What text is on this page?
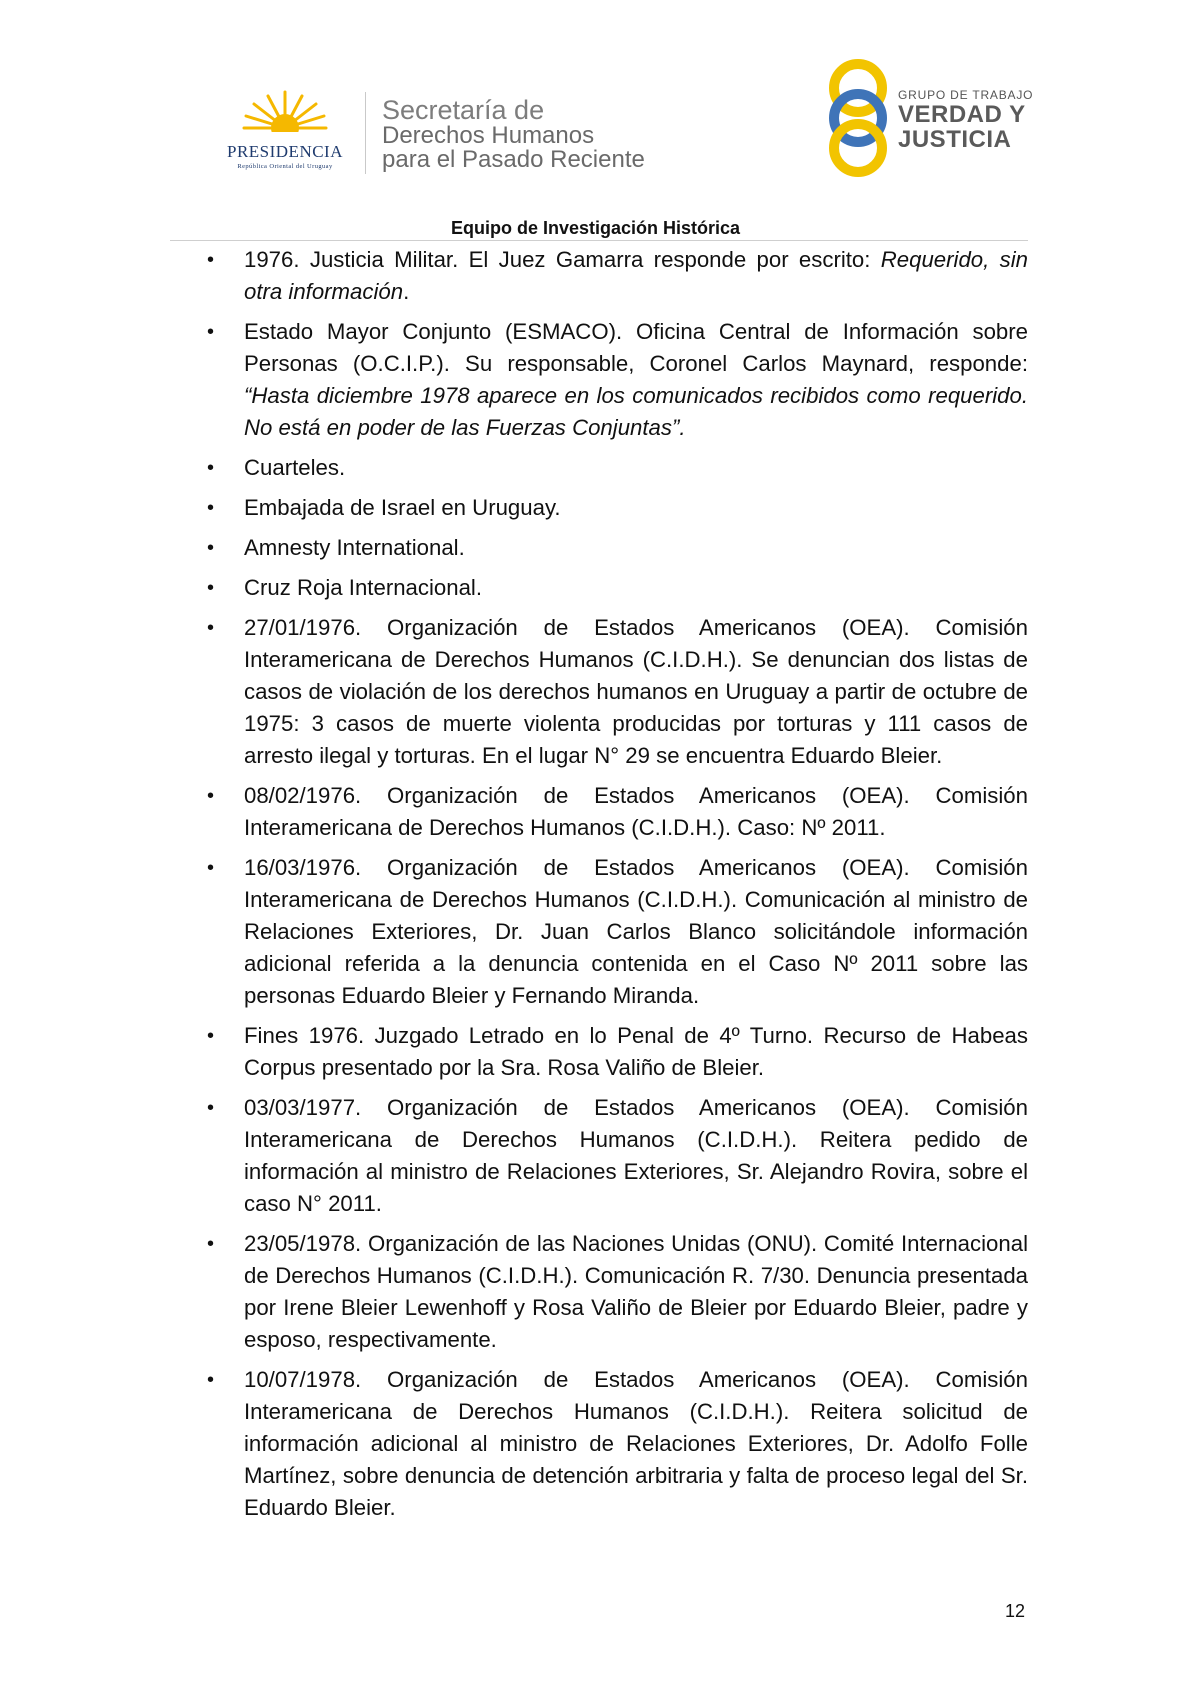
PRESIDENCIA
República Oriental del Uruguay
Secretaría de
Derechos Humanos
para el Pasado Reciente
GRUPO DE TRABAJO
VERDAD Y
JUSTICIA
Equipo de Investigación Histórica
• 1976. Justicia Militar. El Juez Gamarra responde por escrito: Requerido, sin otra información.
• Estado Mayor Conjunto (ESMACO). Oficina Central de Información sobre Personas (O.C.I.P.). Su responsable, Coronel Carlos Maynard, responde: “Hasta diciembre 1978 aparece en los comunicados recibidos como requerido. No está en poder de las Fuerzas Conjuntas”.
• Cuarteles.
• Embajada de Israel en Uruguay.
• Amnesty International.
• Cruz Roja Internacional.
• 27/01/1976. Organización de Estados Americanos (OEA). Comisión Interamericana de Derechos Humanos (C.I.D.H.). Se denuncian dos listas de casos de violación de los derechos humanos en Uruguay a partir de octubre de 1975: 3 casos de muerte violenta producidas por torturas y 111 casos de arresto ilegal y torturas. En el lugar N° 29 se encuentra Eduardo Bleier.
• 08/02/1976. Organización de Estados Americanos (OEA). Comisión Interamericana de Derechos Humanos (C.I.D.H.). Caso: Nº 2011.
• 16/03/1976. Organización de Estados Americanos (OEA). Comisión Interamericana de Derechos Humanos (C.I.D.H.). Comunicación al ministro de Relaciones Exteriores, Dr. Juan Carlos Blanco solicitándole información adicional referida a la denuncia contenida en el Caso Nº 2011 sobre las personas Eduardo Bleier y Fernando Miranda.
• Fines 1976. Juzgado Letrado en lo Penal de 4º Turno. Recurso de Habeas Corpus presentado por la Sra. Rosa Valiño de Bleier.
• 03/03/1977. Organización de Estados Americanos (OEA). Comisión Interamericana de Derechos Humanos (C.I.D.H.). Reitera pedido de información al ministro de Relaciones Exteriores, Sr. Alejandro Rovira, sobre el caso N° 2011.
• 23/05/1978. Organización de las Naciones Unidas (ONU). Comité Internacional de Derechos Humanos (C.I.D.H.). Comunicación R. 7/30. Denuncia presentada por Irene Bleier Lewenhoff y Rosa Valiño de Bleier por Eduardo Bleier, padre y esposo, respectivamente.
• 10/07/1978. Organización de Estados Americanos (OEA). Comisión Interamericana de Derechos Humanos (C.I.D.H.). Reitera solicitud de información adicional al ministro de Relaciones Exteriores, Dr. Adolfo Folle Martínez, sobre denuncia de detención arbitraria y falta de proceso legal del Sr. Eduardo Bleier.
12
